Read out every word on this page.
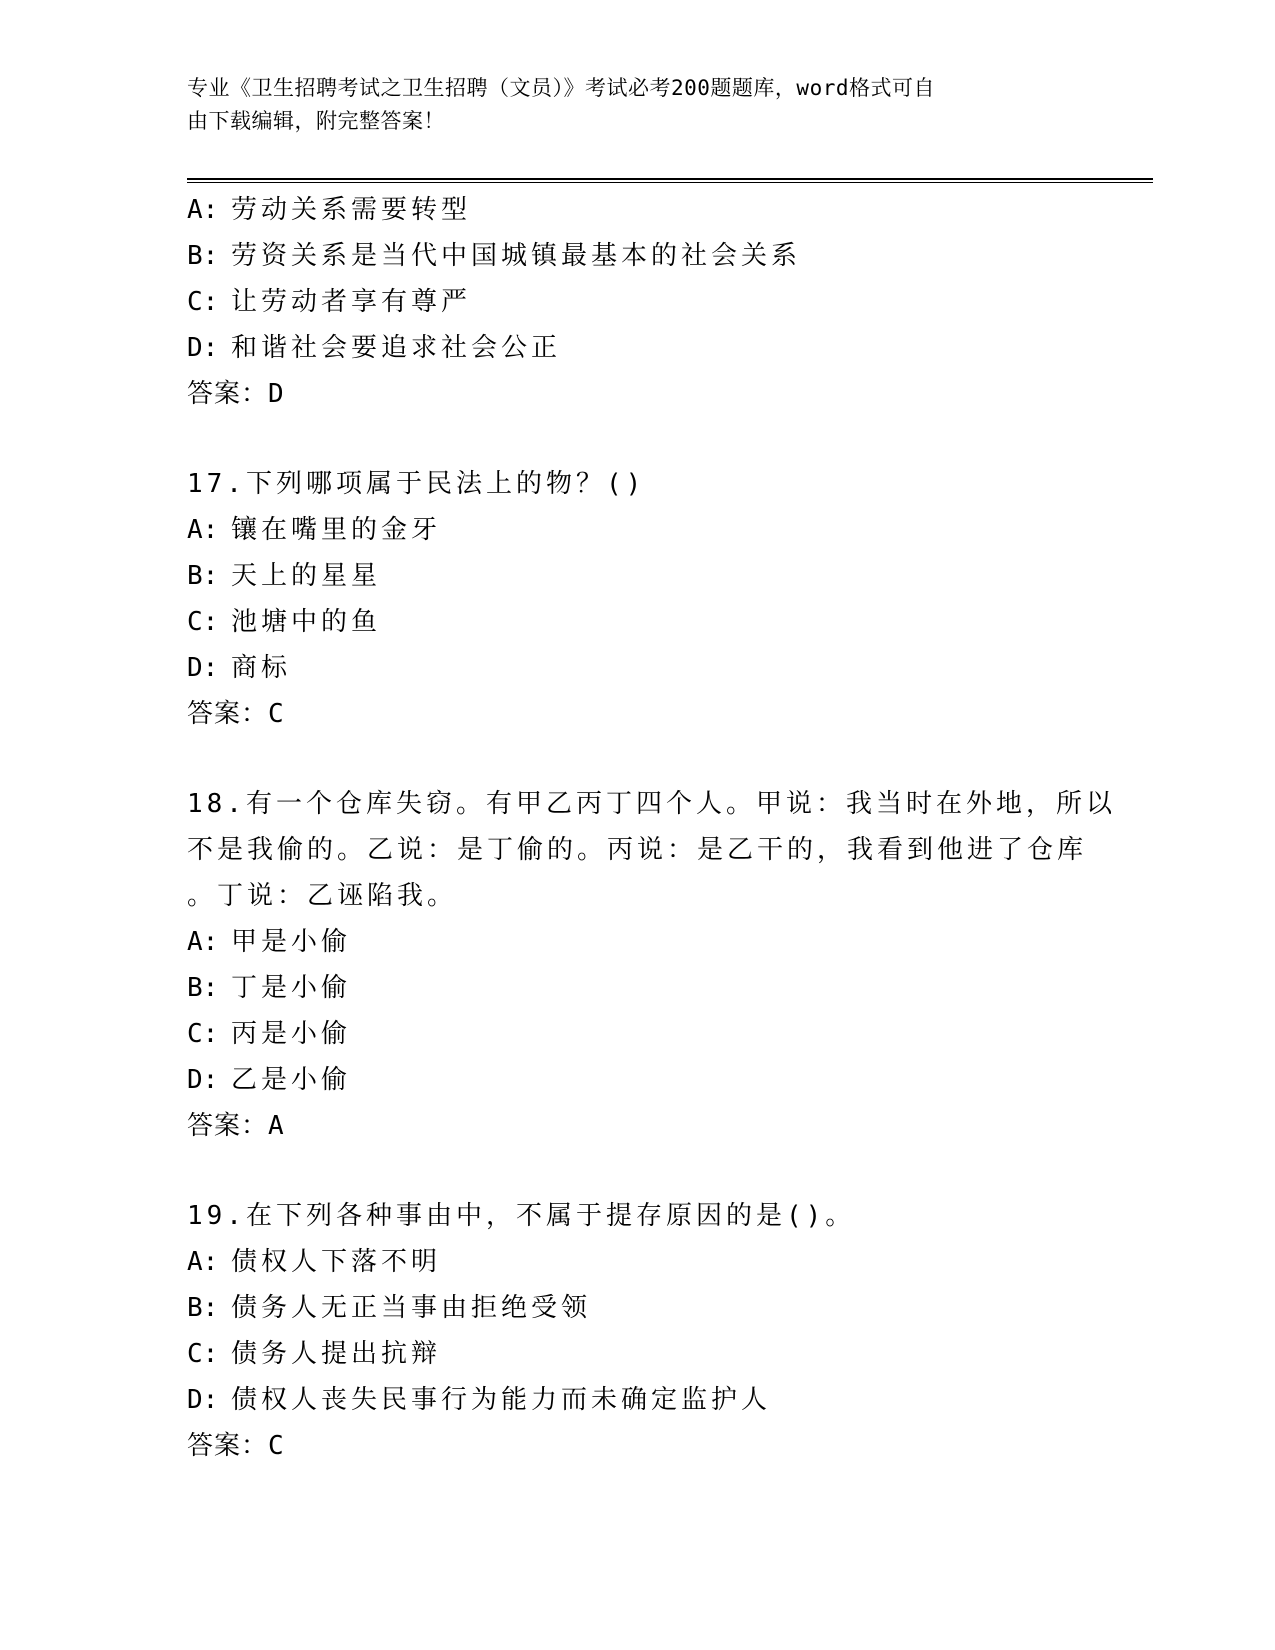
专业《卫生招聘考试之卫生招聘（文员）》考试必考200题题库，word格式可自
由下载编辑，附完整答案！
A: 劳动关系需要转型
B: 劳资关系是当代中国城镇最基本的社会关系
C: 让劳动者享有尊严
D: 和谐社会要追求社会公正
答案：D
17.下列哪项属于民法上的物？()
A: 镶在嘴里的金牙
B: 天上的星星
C: 池塘中的鱼
D: 商标
答案：C
18.有一个仓库失窃。有甲乙丙丁四个人。甲说：我当时在外地，所以
不是我偷的。乙说：是丁偷的。丙说：是乙干的，我看到他进了仓库
。丁说：乙诬陷我。
A: 甲是小偷
B: 丁是小偷
C: 丙是小偷
D: 乙是小偷
答案：A
19.在下列各种事由中，不属于提存原因的是()。
A: 债权人下落不明
B: 债务人无正当事由拒绝受领
C: 债务人提出抗辩
D: 债权人丧失民事行为能力而未确定监护人
答案：C
